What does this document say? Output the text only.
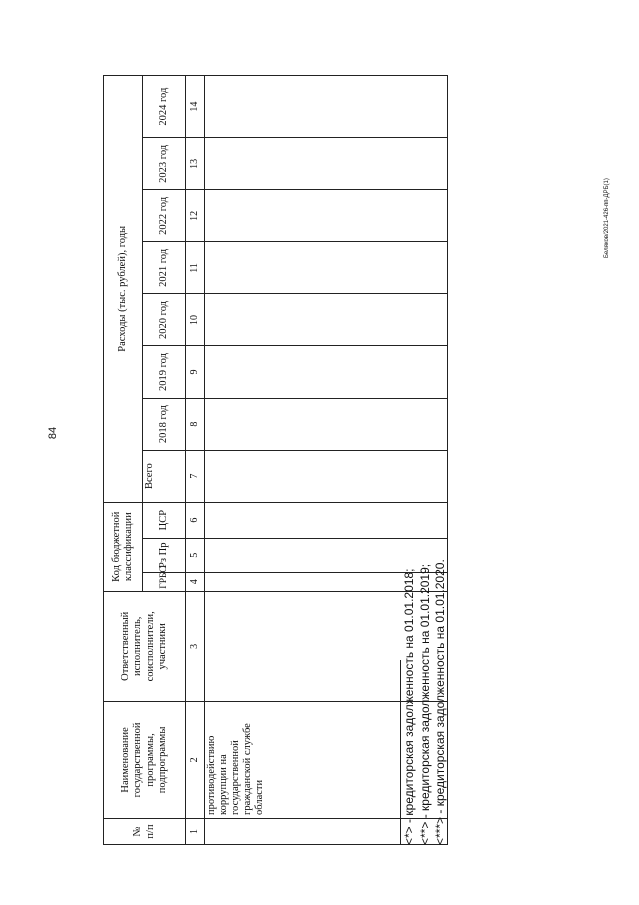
84
Беляков/2021-426-пп-ДРБ(1)
№ п/п	Наименование государственной программы, подпрограммы	Ответственный исполнитель, соисполнители, участники	Код бюджетной классификации			Расходы (тыс. рублей), годы							
			ГРБС	Рз Пр	ЦСР	Всего	2018 год	2019 год	2020 год	2021 год	2022 год	2023 год	2024 год
1	2	3	4	5	6	7	8	9	10	11	12	13	14
	противодействию коррупции на государственной гражданской службе области													<*> - кредиторская задолженность на 01.01.2018; <**> - кредиторская задолженность на 01.01.2019; <***> - кредиторская задолженность на 01.01.2020.
